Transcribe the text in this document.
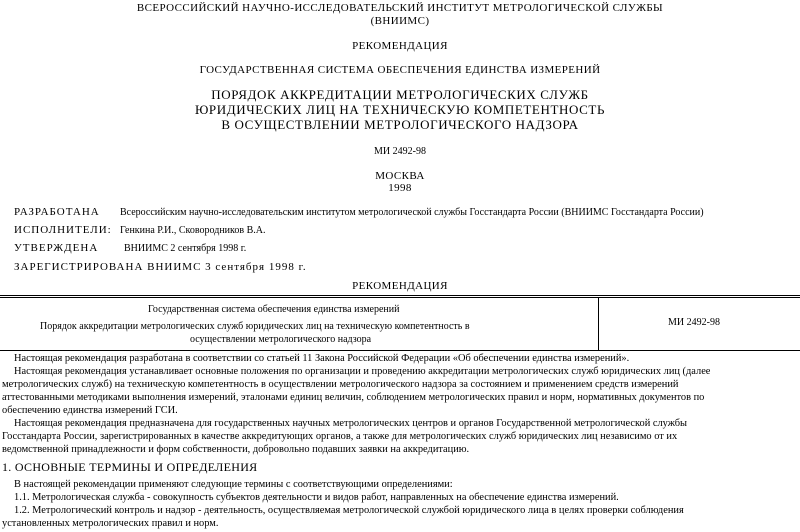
ВСЕРОССИЙСКИЙ НАУЧНО-ИССЛЕДОВАТЕЛЬСКИЙ ИНСТИТУТ МЕТРОЛОГИЧЕСКОЙ СЛУЖБЫ
(ВНИИМС)
РЕКОМЕНДАЦИЯ
ГОСУДАРСТВЕННАЯ СИСТЕМА ОБЕСПЕЧЕНИЯ ЕДИНСТВА ИЗМЕРЕНИЙ
ПОРЯДОК АККРЕДИТАЦИИ МЕТРОЛОГИЧЕСКИХ СЛУЖБ
ЮРИДИЧЕСКИХ ЛИЦ НА ТЕХНИЧЕСКУЮ КОМПЕТЕНТНОСТЬ
В ОСУЩЕСТВЛЕНИИ МЕТРОЛОГИЧЕСКОГО НАДЗОРА
МИ 2492-98
МОСКВА
1998
РАЗРАБОТАНА Всероссийским научно-исследовательским институтом метрологической службы Госстандарта России (ВНИИМС Госстандарта России)
ИСПОЛНИТЕЛИ: Генкина Р.И., Сковородников В.А.
УТВЕРЖДЕНА	ВНИИМС 2 сентября 1998 г.
ЗАРЕГИСТРИРОВАНА ВНИИМС 3 сентября 1998 г.
РЕКОМЕНДАЦИЯ
Государственная система обеспечения единства измерений
Порядок аккредитации метрологических служб юридических лиц на техническую компетентность в
осуществлении метрологического надзора
МИ 2492-98
Настоящая рекомендация разработана в соответствии со статьей 11 Закона Российской Федерации «Об обеспечении единства измерений».
Настоящая рекомендация устанавливает основные положения по организации и проведению аккредитации метрологических служб юридических лиц (далее
метрологических служб) на техническую компетентность в осуществлении метрологического надзора за состоянием и применением средств измерений
аттестованными методиками выполнения измерений, эталонами единиц величин, соблюдением метрологических правил и норм, нормативных документов по
обеспечению единства измерений ГСИ.
Настоящая рекомендация предназначена для государственных научных метрологических центров и органов Государственной метрологической службы
Госстандарта России, зарегистрированных в качестве аккредитующих органов, а также для метрологических служб юридических лиц независимо от их
ведомственной принадлежности и форм собственности, добровольно подавших заявки на аккредитацию.
1. ОСНОВНЫЕ ТЕРМИНЫ И ОПРЕДЕЛЕНИЯ
В настоящей рекомендации применяют следующие термины с соответствующими определениями:
1.1. Метрологическая служба - совокупность субъектов деятельности и видов работ, направленных на обеспечение единства измерений.
1.2. Метрологический контроль и надзор - деятельность, осуществляемая метрологической службой юридического лица в целях проверки соблюдения
установленных метрологических правил и норм.
